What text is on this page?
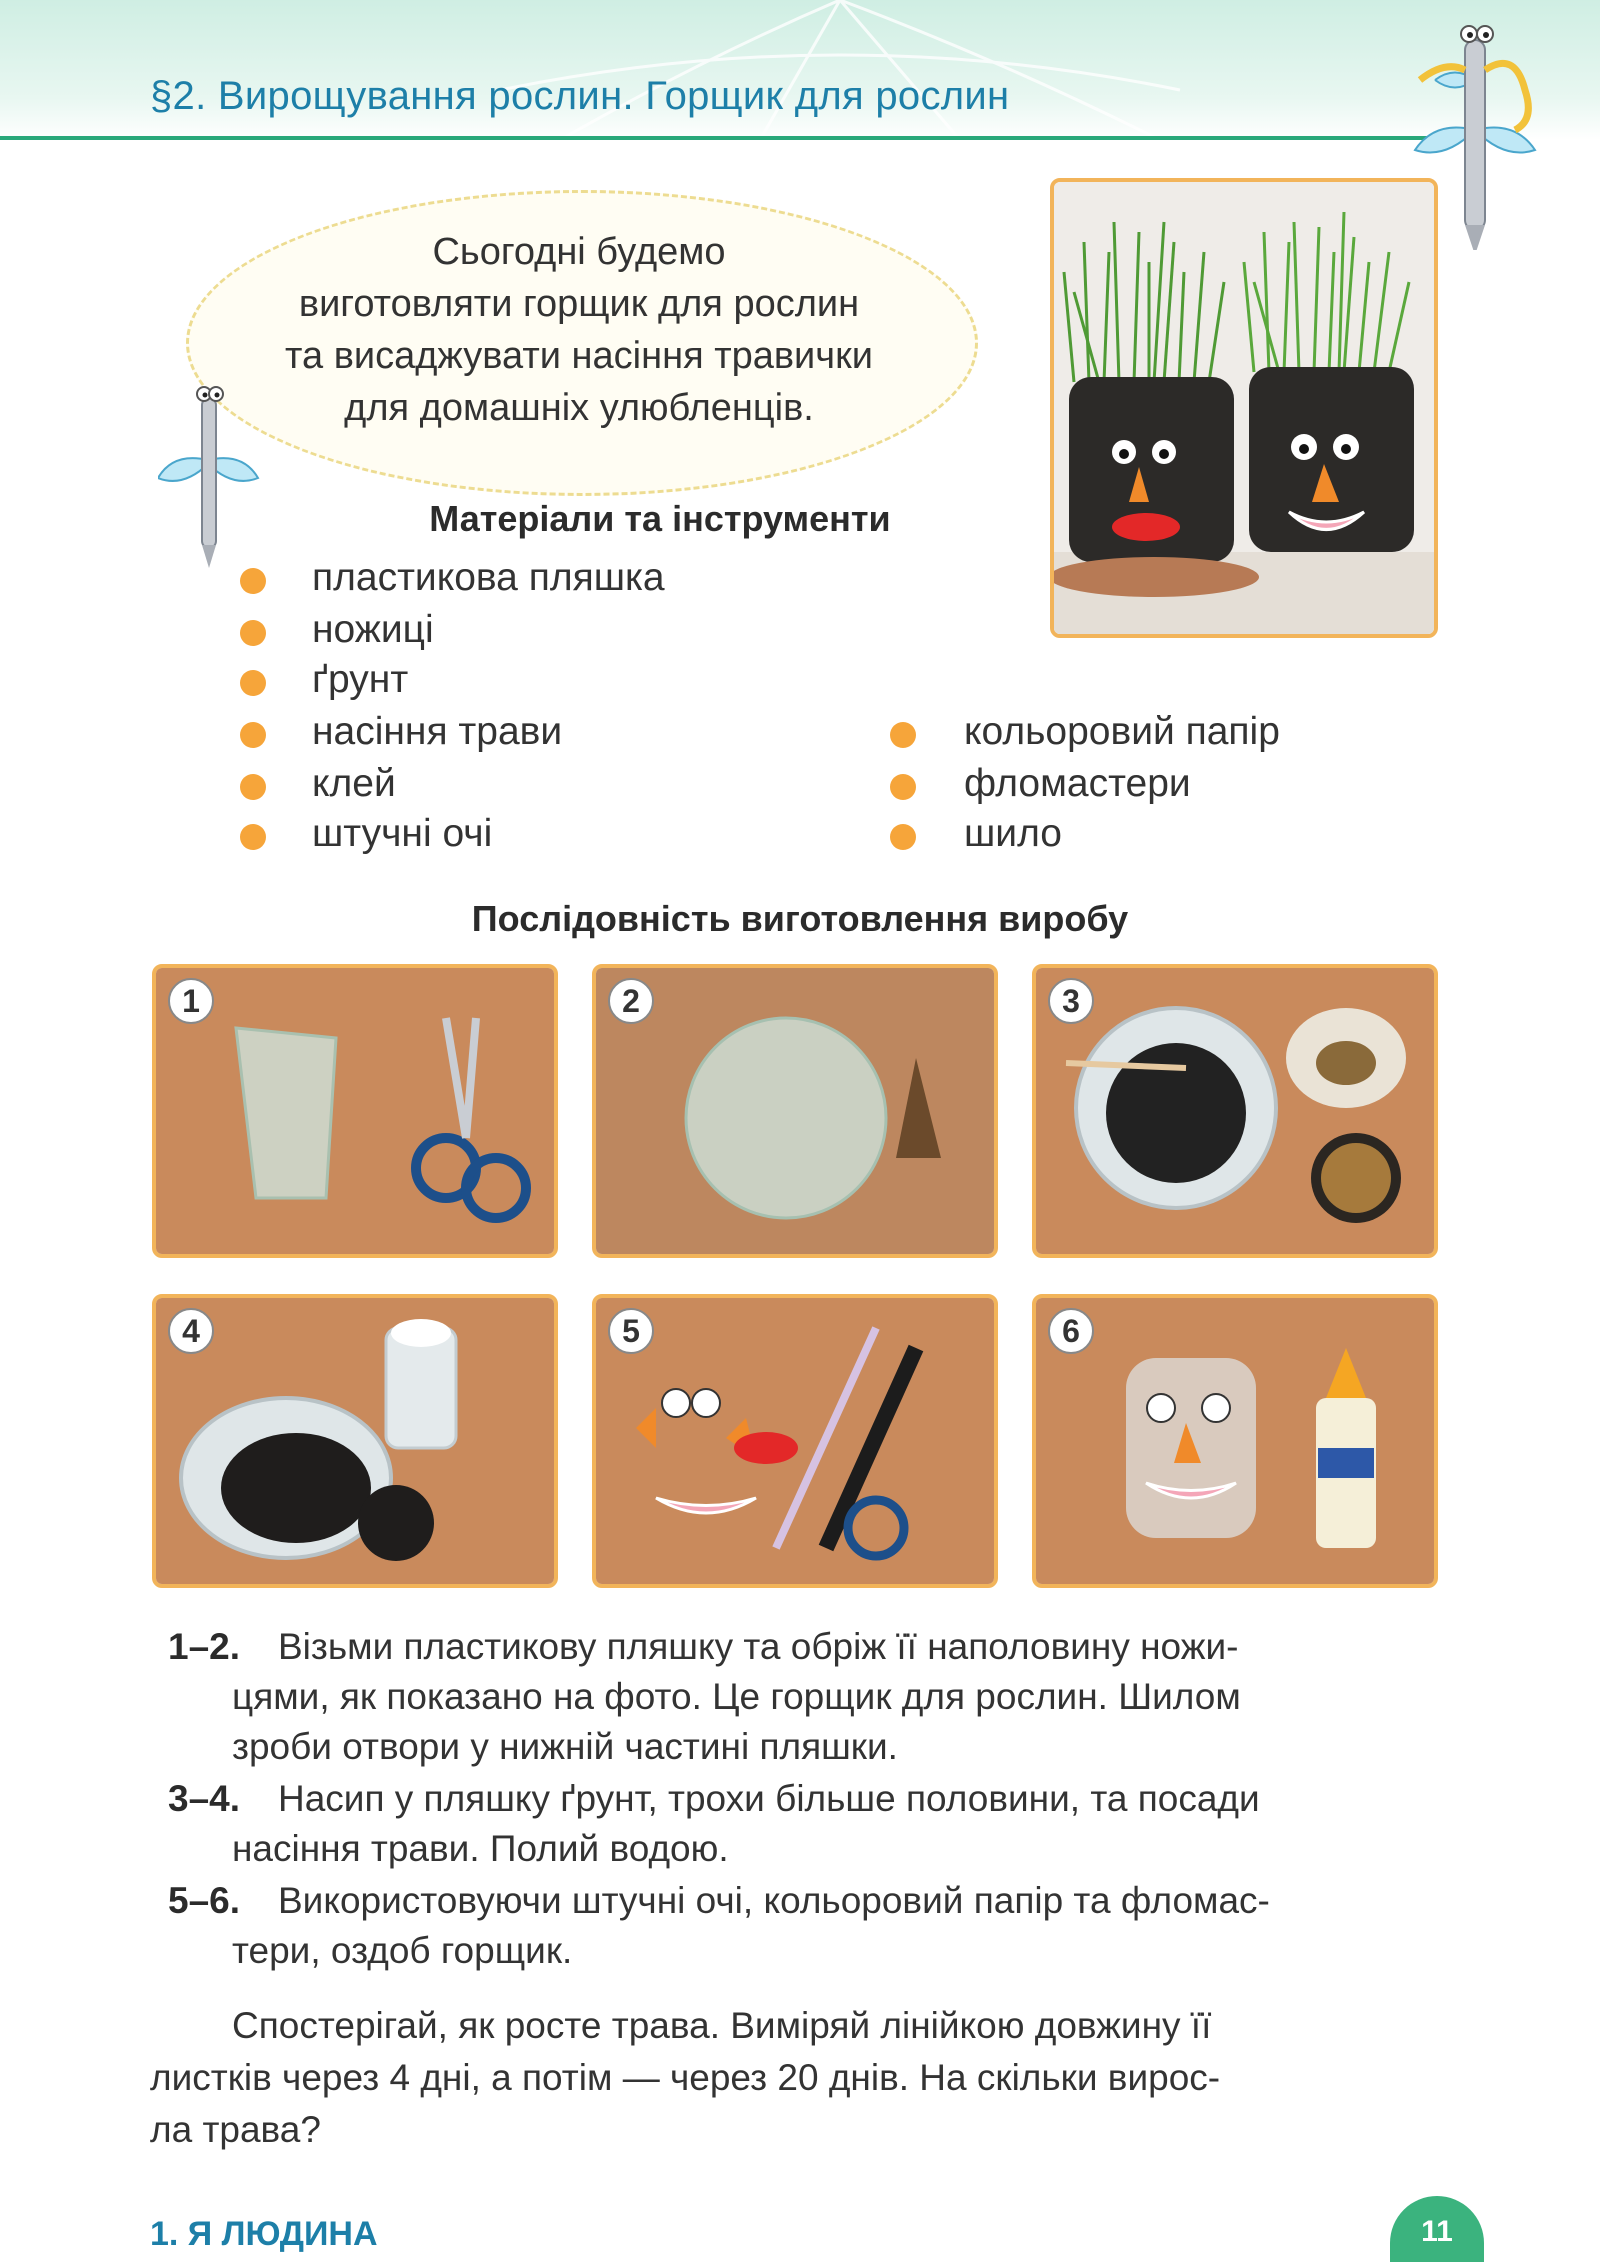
§2. Вирощування рослин. Горщик для рослин
Сьогодні будемо
виготовляти горщик для рослин
та висаджувати насіння травички
для домашніх улюбленців.
Матеріали та інструменти
пластикова пляшка
ножиці
ґрунт
насіння трави
клей
штучні очі
кольоровий папір
фломастери
шило
Послідовність виготовлення виробу
1	2	3
4	5	6
1–2. Візьми пластикову пляшку та обріж її наполовину ножи-
цями, як показано на фото. Це горщик для рослин. Шилом
зроби отвори у нижній частині пляшки.
3–4. Насип у пляшку ґрунт, трохи більше половини, та посади
насіння трави. Полий водою.
5–6. Використовуючи штучні очі, кольоровий папір та фломас-
тери, оздоб горщик.
Спостерігай, як росте трава. Виміряй лінійкою довжину її
листків через 4 дні, а потім — через 20 днів. На скільки вирос-
ла трава?
1. Я ЛЮДИНА	11
